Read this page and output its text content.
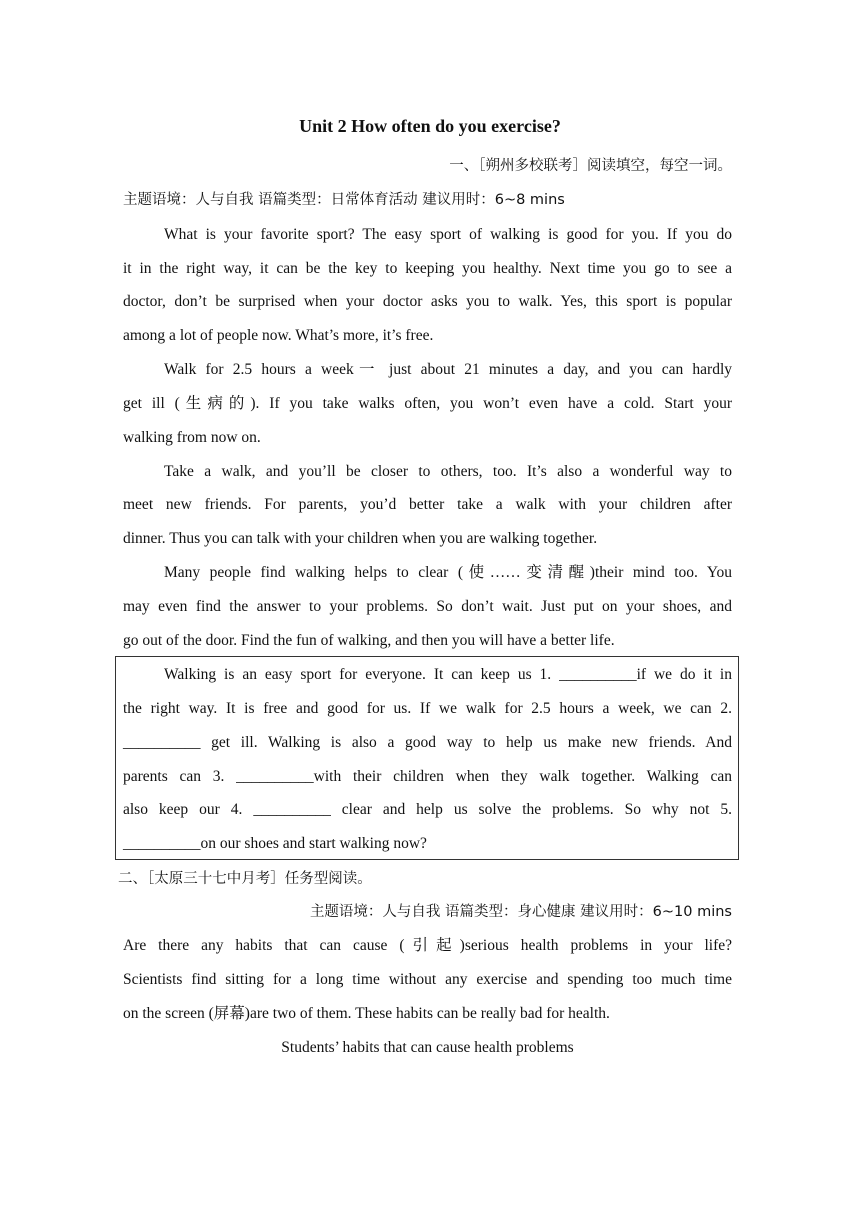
Unit 2 How often do you exercise?
一、［朔州多校联考］阅读填空，每空一词。
主题语境：人与自我 语篇类型：日常体育活动 建议用时：6~8 mins
What is your favorite sport? The easy sport of walking is good for you. If you do
it in the right way, it can be the key to keeping you healthy. Next time you go to see a
doctor, don’t be surprised when your doctor asks you to walk. Yes, this sport is popular
among a lot of people now. What’s more, it’s free.
Walk for 2.5 hours a week一 just about 21 minutes a day, and you can hardly
get ill (生病的). If you take walks often, you won’t even have a cold. Start your
walking from now on.
Take a walk, and you’ll be closer to others, too. It’s also a wonderful way to
meet new friends. For parents, you’d better take a walk with your children after
dinner. Thus you can talk with your children when you are walking together.
Many people find walking helps to clear (使……变清醒)their mind too. You
may even find the answer to your problems. So don’t wait. Just put on your shoes, and
go out of the door. Find the fun of walking, and then you will have a better life.
Walking is an easy sport for everyone. It can keep us 1. __________if we do it in
the right way. It is free and good for us. If we walk for 2.5 hours a week, we can 2.
__________ get ill. Walking is also a good way to help us make new friends. And
parents can 3. __________with their children when they walk together. Walking can
also keep our 4. __________ clear and help us solve the problems. So why not 5.
__________on our shoes and start walking now?
二、［太原三十七中月考］任务型阅读。
主题语境：人与自我 语篇类型：身心健康 建议用时：6~10 mins
Are there any habits that can cause (引起)serious health problems in your life?
Scientists find sitting for a long time without any exercise and spending too much time
on the screen (屏幕)are two of them. These habits can be really bad for health.
Students’ habits that can cause health problems
